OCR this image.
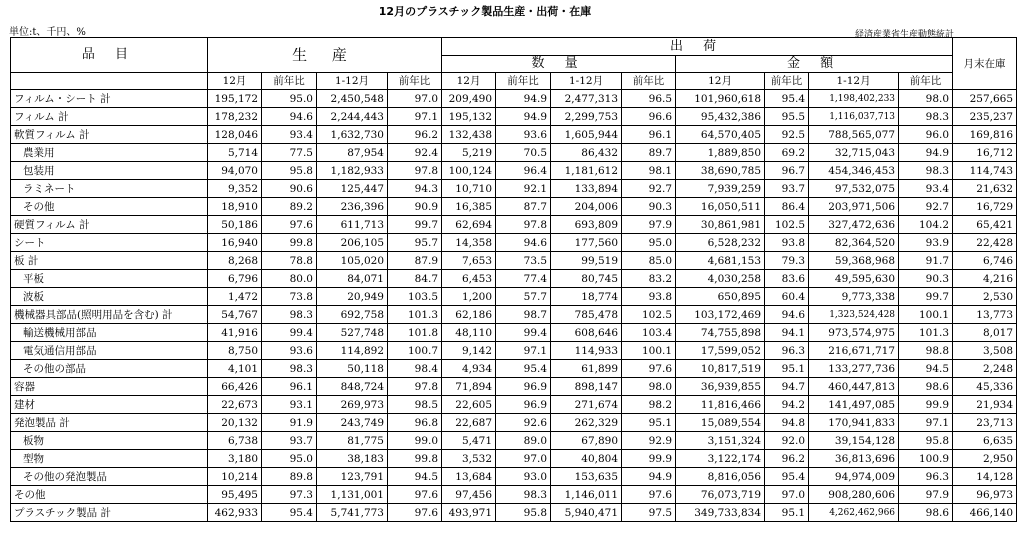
12月のプラスチック製品生産・出荷・在庫
単位:t、千円、%	経済産業省生産動態統計
品 目	生 産				出 荷								月末在庫
					数 量				金 額				
	12月	前年比	1-12月	前年比	12月	前年比	1-12月	前年比	12月	前年比	1-12月	前年比	
フィルム・シート 計	195,172	95.0	2,450,548	97.0	209,490	94.9	2,477,313	96.5	101,960,618	95.4	1,198,402,233	98.0	257,665
フィルム 計	178,232	94.6	2,244,443	97.1	195,132	94.9	2,299,753	96.6	95,432,386	95.5	1,116,037,713	98.3	235,237
軟質フィルム 計	128,046	93.4	1,632,730	96.2	132,438	93.6	1,605,944	96.1	64,570,405	92.5	788,565,077	96.0	169,816
農業用	5,714	77.5	87,954	92.4	5,219	70.5	86,432	89.7	1,889,850	69.2	32,715,043	94.9	16,712
包装用	94,070	95.8	1,182,933	97.8	100,124	96.4	1,181,612	98.1	38,690,785	96.7	454,346,453	98.3	114,743
ラミネート	9,352	90.6	125,447	94.3	10,710	92.1	133,894	92.7	7,939,259	93.7	97,532,075	93.4	21,632
その他	18,910	89.2	236,396	90.9	16,385	87.7	204,006	90.3	16,050,511	86.4	203,971,506	92.7	16,729
硬質フィルム 計	50,186	97.6	611,713	99.7	62,694	97.8	693,809	97.9	30,861,981	102.5	327,472,636	104.2	65,421
シート	16,940	99.8	206,105	95.7	14,358	94.6	177,560	95.0	6,528,232	93.8	82,364,520	93.9	22,428
板 計	8,268	78.8	105,020	87.9	7,653	73.5	99,519	85.0	4,681,153	79.3	59,368,968	91.7	6,746
平板	6,796	80.0	84,071	84.7	6,453	77.4	80,745	83.2	4,030,258	83.6	49,595,630	90.3	4,216
波板	1,472	73.8	20,949	103.5	1,200	57.7	18,774	93.8	650,895	60.4	9,773,338	99.7	2,530
機械器具部品(照明用品を含む) 計	54,767	98.3	692,758	101.3	62,186	98.7	785,478	102.5	103,172,469	94.6	1,323,524,428	100.1	13,773
輸送機械用部品	41,916	99.4	527,748	101.8	48,110	99.4	608,646	103.4	74,755,898	94.1	973,574,975	101.3	8,017
電気通信用部品	8,750	93.6	114,892	100.7	9,142	97.1	114,933	100.1	17,599,052	96.3	216,671,717	98.8	3,508
その他の部品	4,101	98.3	50,118	98.4	4,934	95.4	61,899	97.6	10,817,519	95.1	133,277,736	94.5	2,248
容器	66,426	96.1	848,724	97.8	71,894	96.9	898,147	98.0	36,939,855	94.7	460,447,813	98.6	45,336
建材	22,673	93.1	269,973	98.5	22,605	96.9	271,674	98.2	11,816,466	94.2	141,497,085	99.9	21,934
発泡製品 計	20,132	91.9	243,749	96.8	22,687	92.6	262,329	95.1	15,089,554	94.8	170,941,833	97.1	23,713
板物	6,738	93.7	81,775	99.0	5,471	89.0	67,890	92.9	3,151,324	92.0	39,154,128	95.8	6,635
型物	3,180	95.0	38,183	99.8	3,532	97.0	40,804	99.9	3,122,174	96.2	36,813,696	100.9	2,950
その他の発泡製品	10,214	89.8	123,791	94.5	13,684	93.0	153,635	94.9	8,816,056	95.4	94,974,009	96.3	14,128
その他	95,495	97.3	1,131,001	97.6	97,456	98.3	1,146,011	97.6	76,073,719	97.0	908,280,606	97.9	96,973
プラスチック製品 計	462,933	95.4	5,741,773	97.6	493,971	95.8	5,940,471	97.5	349,733,834	95.1	4,262,462,966	98.6	466,140
